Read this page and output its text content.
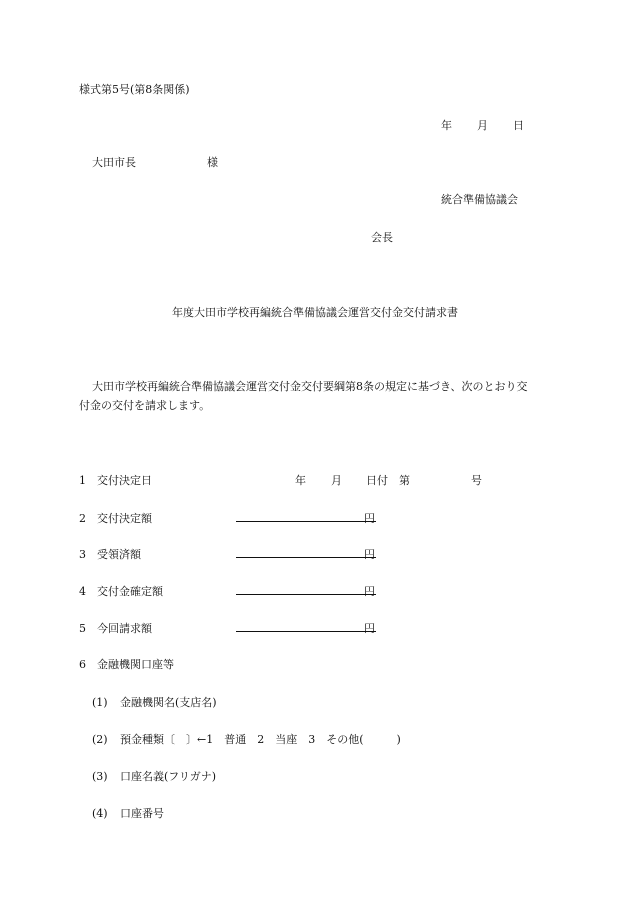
様式第5号(第8条関係)
年 月 日
大田市長	様
統合準備協議会
会長
年度大田市学校再編統合準備協議会運営交付金交付請求書
大田市学校再編統合準備協議会運営交付金交付要綱第8条の規定に基づき、次のとおり交
付金の交付を請求します。
1 交付決定日	年 月 日付 第	号
2 交付決定額	円
3 受領済額	円
4 交付金確定額	円
5 今回請求額	円
6 金融機関口座等
(1) 金融機関名(支店名)
(2) 預金種類〔　〕←1　普通　2　当座　3　その他(　　　)
(3) 口座名義(フリガナ)
(4) 口座番号
